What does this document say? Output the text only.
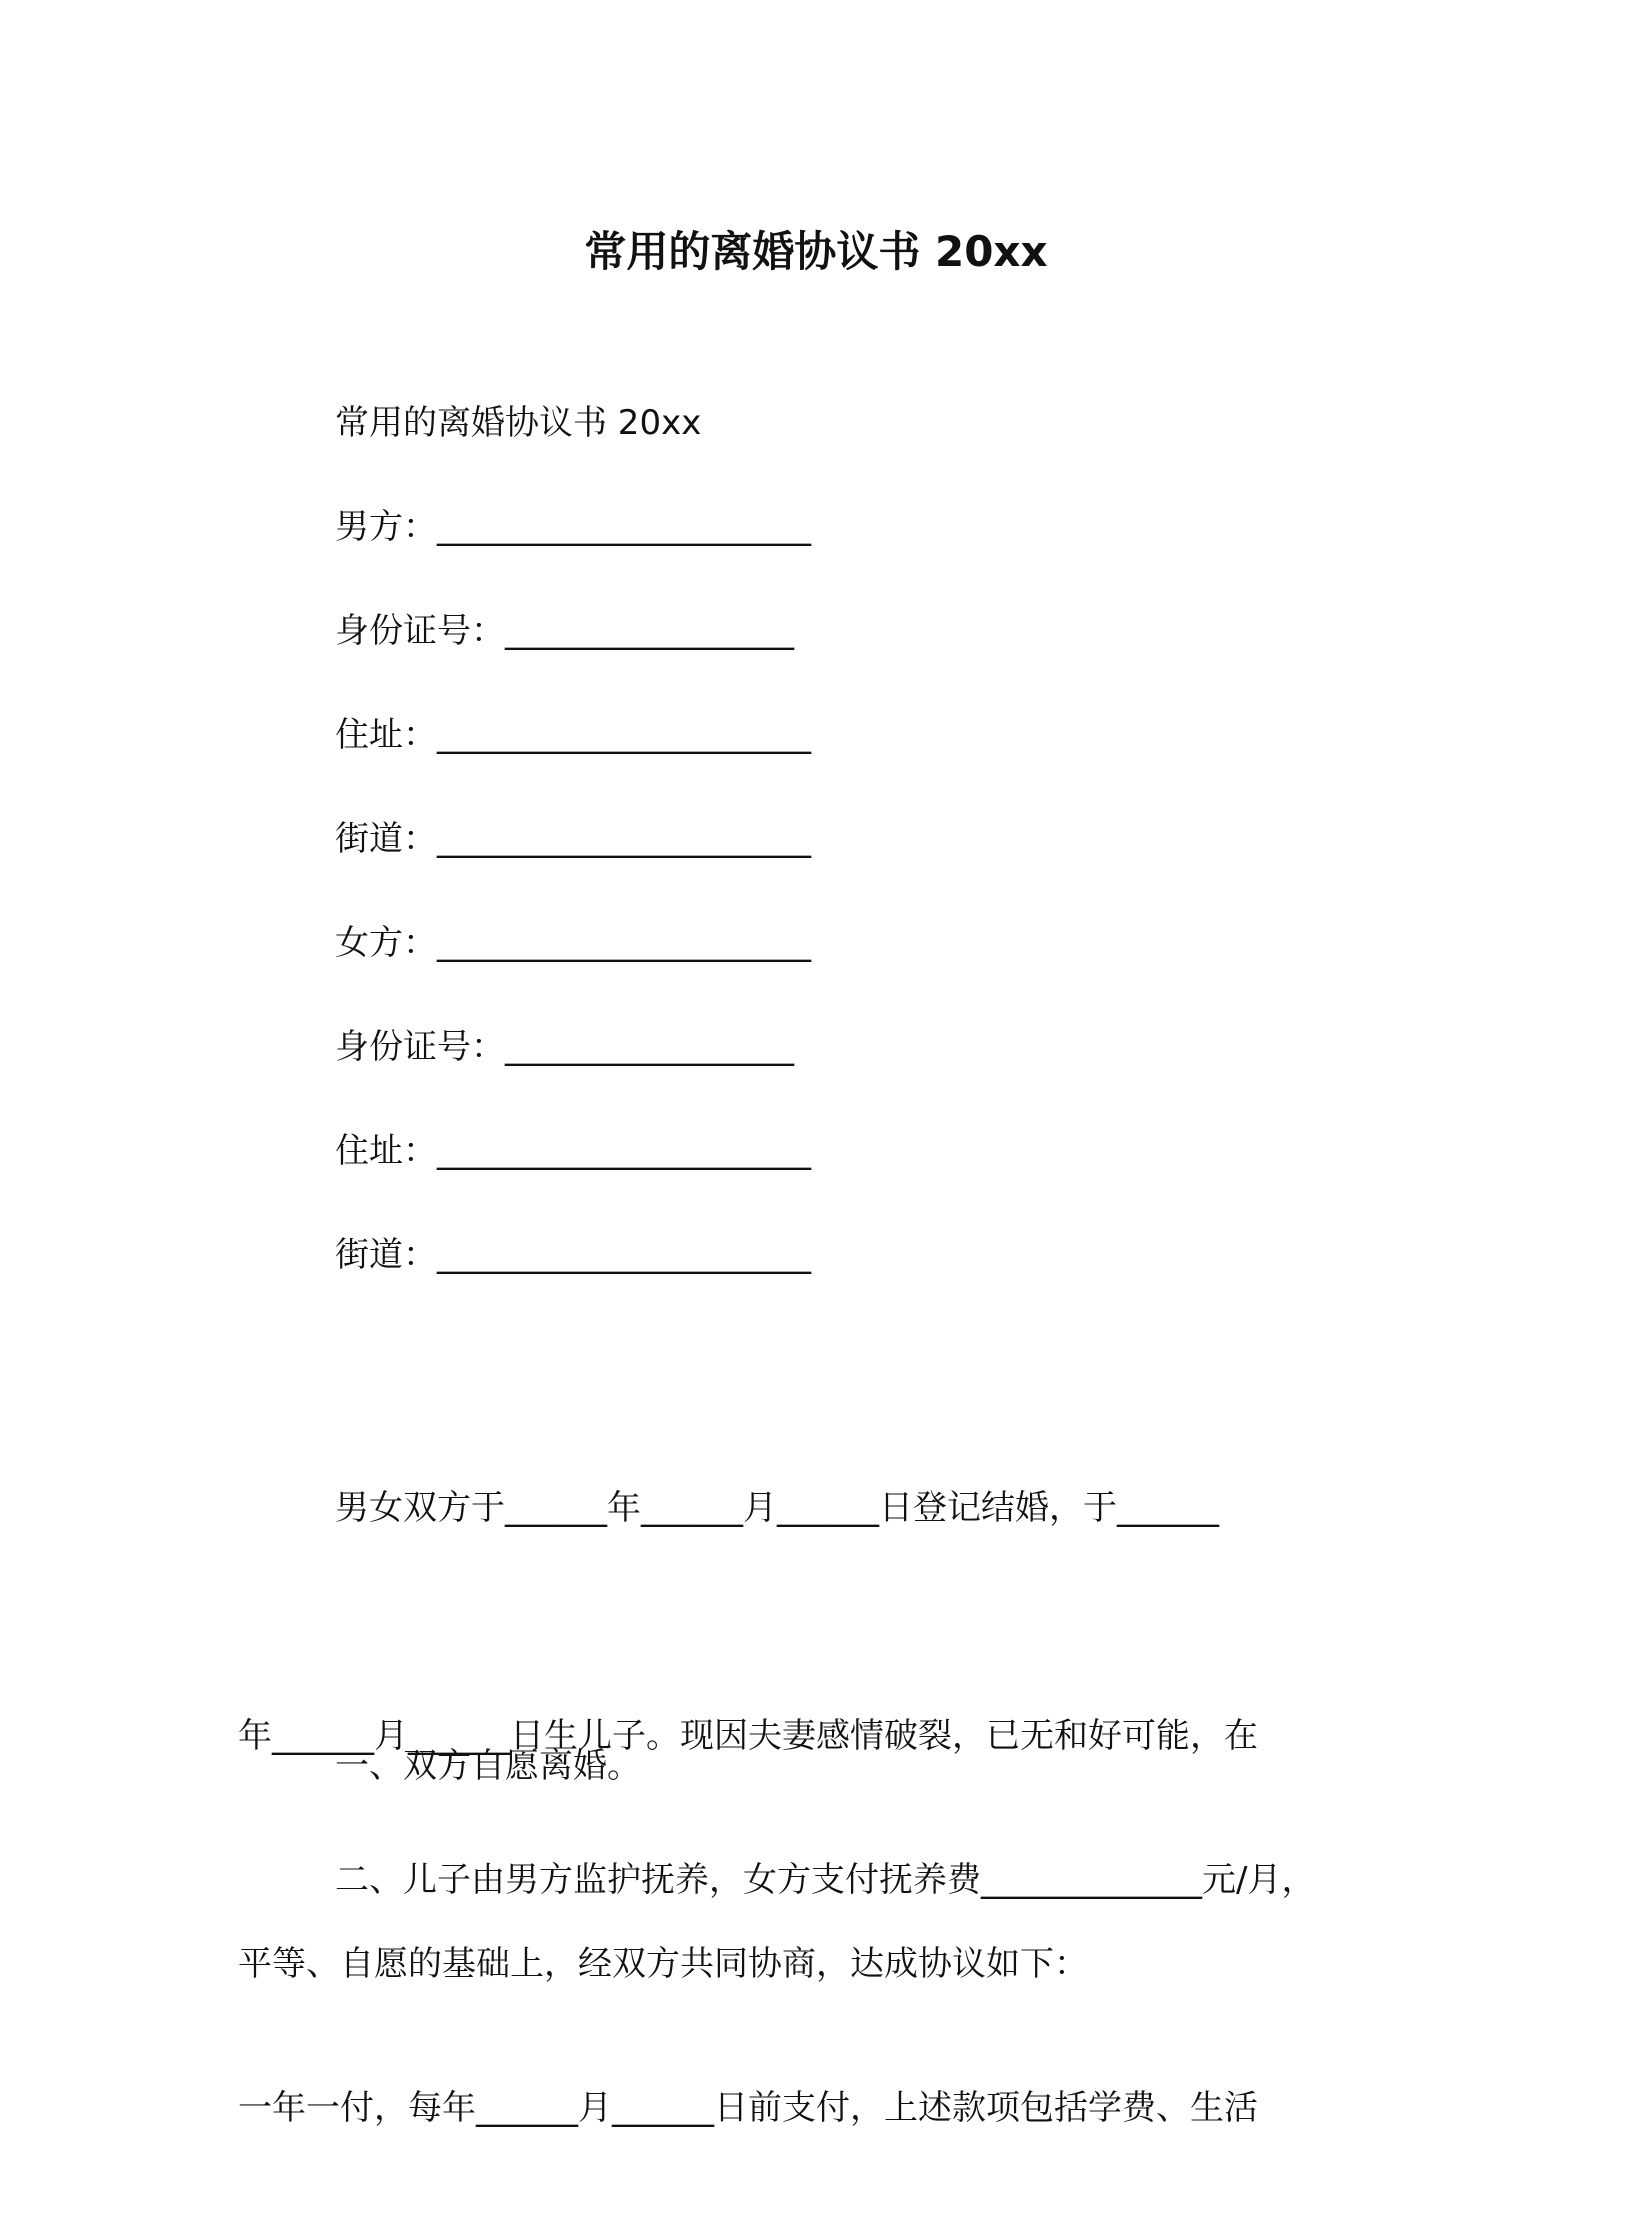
常用的离婚协议书 20xx
常用的离婚协议书 20xx
男方：______________________
身份证号：_________________
住址：______________________
街道：______________________
女方：______________________
身份证号：_________________
住址：______________________
街道：______________________

男女双方于______年______月______日登记结婚，于______

年______月______日生儿子。现因夫妻感情破裂，已无和好可能，在

平等、自愿的基础上，经双方共同协商，达成协议如下：

一、双方自愿离婚。

二、儿子由男方监护抚养，女方支付抚养费_____________元/月，

一年一付，每年______月______日前支付，上述款项包括学费、生活
